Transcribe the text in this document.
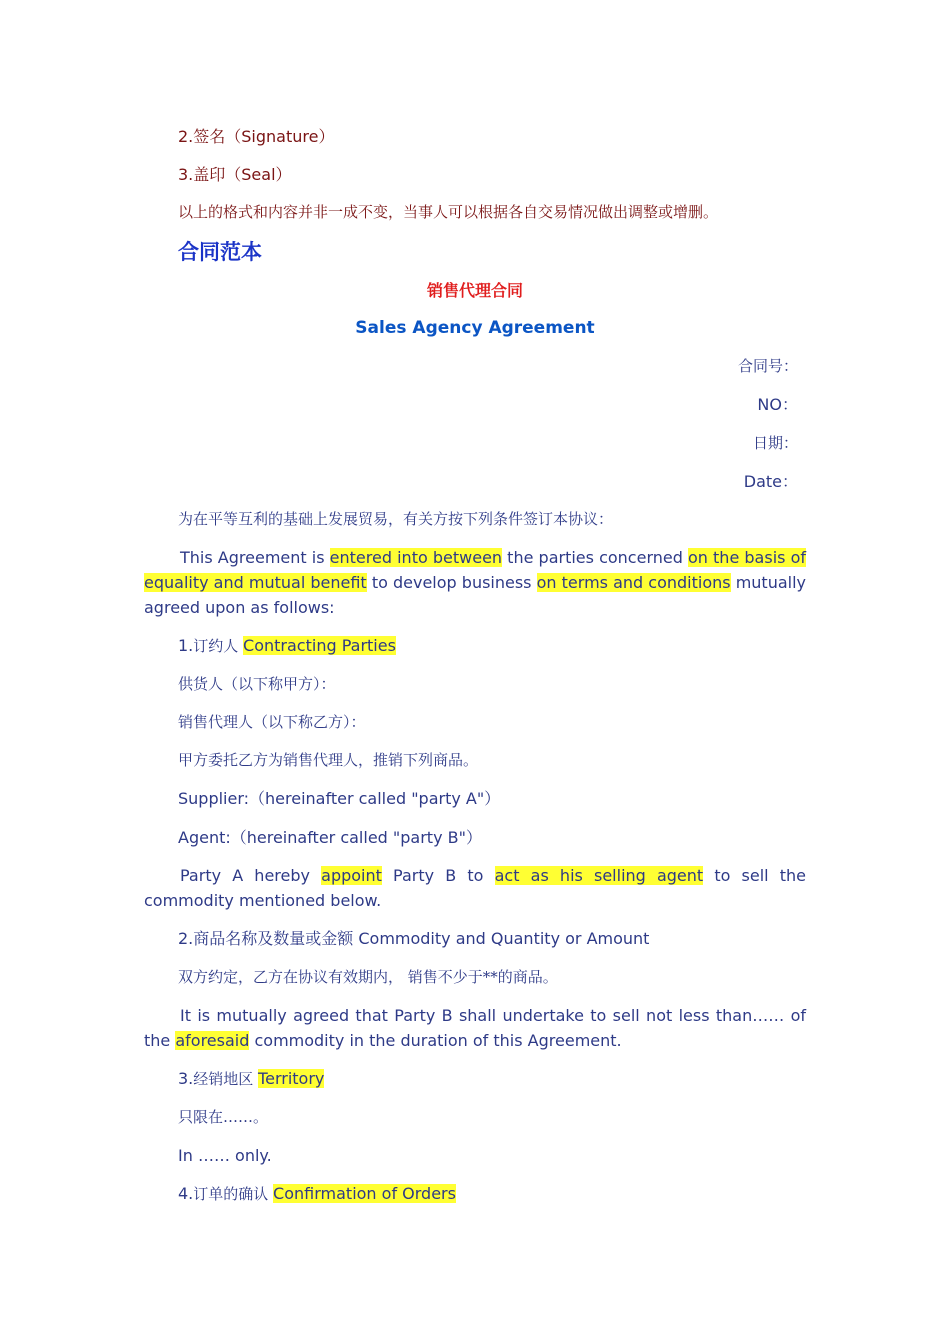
2.签名（Signature）
3.盖印（Seal）
以上的格式和内容并非一成不变，当事人可以根据各自交易情况做出调整或增删。
合同范本
销售代理合同
Sales Agency Agreement
合同号：
NO：
日期：
Date：
为在平等互利的基础上发展贸易，有关方按下列条件签订本协议：
This Agreement is entered into between the parties concerned on the basis of equality and mutual benefit to develop business on terms and conditions mutually agreed upon as follows:
1.订约人 Contracting Parties
供货人（以下称甲方）：
销售代理人（以下称乙方）：
甲方委托乙方为销售代理人，推销下列商品。
Supplier:（hereinafter called "party A"）
Agent:（hereinafter called "party B"）
Party A hereby appoint Party B to act as his selling agent to sell the commodity mentioned below.
2.商品名称及数量或金额 Commodity and Quantity or Amount
双方约定，乙方在协议有效期内， 销售不少于**的商品。
It is mutually agreed that Party B shall undertake to sell not less than…… of the aforesaid commodity in the duration of this Agreement.
3.经销地区 Territory
只限在……。
In …… only.
4.订单的确认 Confirmation of Orders
